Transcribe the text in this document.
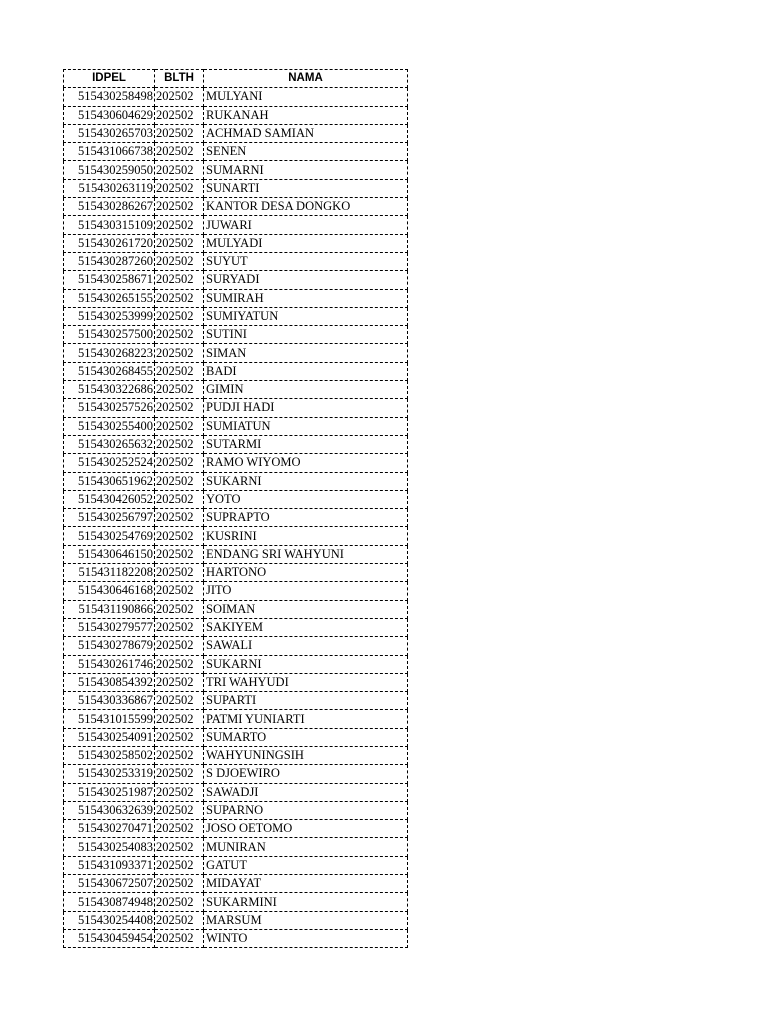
IDPEL	BLTH	NAMA
515430258498	202502	MULYANI
515430604629	202502	RUKANAH
515430265703	202502	ACHMAD SAMIAN
515431066738	202502	SENEN
515430259050	202502	SUMARNI
515430263119	202502	SUNARTI
515430286267	202502	KANTOR DESA DONGKO
515430315109	202502	JUWARI
515430261720	202502	MULYADI
515430287260	202502	SUYUT
515430258671	202502	SURYADI
515430265155	202502	SUMIRAH
515430253999	202502	SUMIYATUN
515430257500	202502	SUTINI
515430268223	202502	SIMAN
515430268455	202502	BADI
515430322686	202502	GIMIN
515430257526	202502	PUDJI HADI
515430255400	202502	SUMIATUN
515430265632	202502	SUTARMI
515430252524	202502	RAMO WIYOMO
515430651962	202502	SUKARNI
515430426052	202502	YOTO
515430256797	202502	SUPRAPTO
515430254769	202502	KUSRINI
515430646150	202502	ENDANG SRI WAHYUNI
515431182208	202502	HARTONO
515430646168	202502	JITO
515431190866	202502	SOIMAN
515430279577	202502	SAKIYEM
515430278679	202502	SAWALI
515430261746	202502	SUKARNI
515430854392	202502	TRI WAHYUDI
515430336867	202502	SUPARTI
515431015599	202502	PATMI YUNIARTI
515430254091	202502	SUMARTO
515430258502	202502	WAHYUNINGSIH
515430253319	202502	S DJOEWIRO
515430251987	202502	SAWADJI
515430632639	202502	SUPARNO
515430270471	202502	JOSO OETOMO
515430254083	202502	MUNIRAN
515431093371	202502	GATUT
515430672507	202502	MIDAYAT
515430874948	202502	SUKARMINI
515430254408	202502	MARSUM
515430459454	202502	WINTO
